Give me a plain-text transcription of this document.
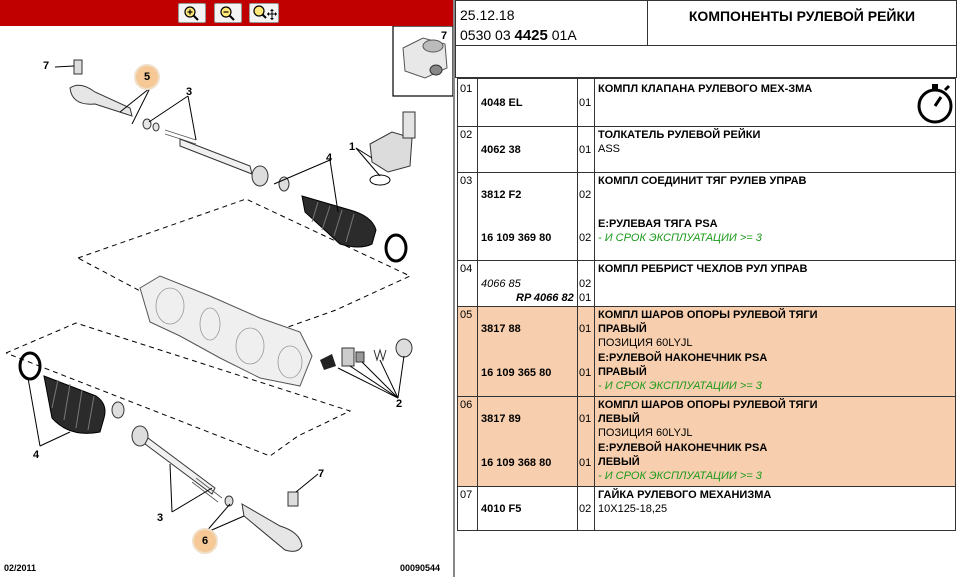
7
5
3
4
1
2
4
3
7
6
7
02/2011	00090544
25.12.18
0530 03 4425 01A
КОМПОНЕНТЫ РУЛЕВОЙ РЕЙКИ
01
4048 EL	01
КОМПЛ КЛАПАНА РУЛЕВОГО МЕХ-ЗМА
02
4062 38	01
ТОЛКАТЕЛЬ РУЛЕВОЙ РЕЙКИ
ASS
03
3812 F2	02
КОМПЛ СОЕДИНИТ ТЯГ РУЛЕВ УПРАВ
16 109 369 80	02
Е:РУЛЕВАЯ ТЯГА PSA
- И СРОК ЭКСПЛУАТАЦИИ >= 3
04
4066 85	02
RP 4066 82 01
КОМПЛ РЕБРИСТ ЧЕХЛОВ РУЛ УПРАВ
05
3817 88	01
КОМПЛ ШАРОВ ОПОРЫ РУЛЕВОЙ ТЯГИ
ПРАВЫЙ
ПОЗИЦИЯ 60LYJL
16 109 365 80	01
Е:РУЛЕВОЙ НАКОНЕЧНИК PSA
ПРАВЫЙ
- И СРОК ЭКСПЛУАТАЦИИ >= 3
06
3817 89	01
КОМПЛ ШАРОВ ОПОРЫ РУЛЕВОЙ ТЯГИ
ЛЕВЫЙ
ПОЗИЦИЯ 60LYJL
16 109 368 80	01
Е:РУЛЕВОЙ НАКОНЕЧНИК PSA
ЛЕВЫЙ
- И СРОК ЭКСПЛУАТАЦИИ >= 3
07
4010 F5	02
ГАЙКА РУЛЕВОГО МЕХАНИЗМА
10X125-18,25
